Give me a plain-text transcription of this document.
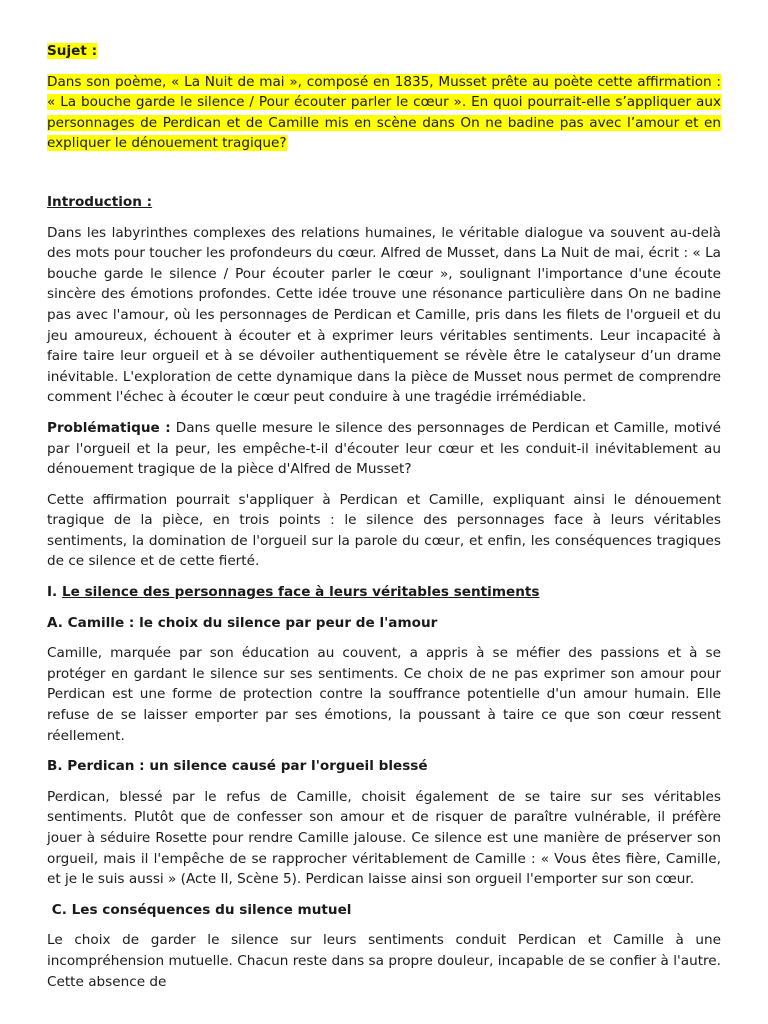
Sujet :

Dans son poème, « La Nuit de mai », composé en 1835, Musset prête au poète cette affirmation : « La bouche garde le silence / Pour écouter parler le cœur ». En quoi pourrait-elle s’appliquer aux personnages de Perdican et de Camille mis en scène dans On ne badine pas avec l’amour et en expliquer le dénouement tragique?

Introduction :

Dans les labyrinthes complexes des relations humaines, le véritable dialogue va souvent au-delà des mots pour toucher les profondeurs du cœur. Alfred de Musset, dans La Nuit de mai, écrit : « La bouche garde le silence / Pour écouter parler le cœur », soulignant l'importance d'une écoute sincère des émotions profondes. Cette idée trouve une résonance particulière dans On ne badine pas avec l'amour, où les personnages de Perdican et Camille, pris dans les filets de l'orgueil et du jeu amoureux, échouent à écouter et à exprimer leurs véritables sentiments. Leur incapacité à faire taire leur orgueil et à se dévoiler authentiquement se révèle être le catalyseur d’un drame inévitable. L'exploration de cette dynamique dans la pièce de Musset nous permet de comprendre comment l'échec à écouter le cœur peut conduire à une tragédie irrémédiable.

Problématique : Dans quelle mesure le silence des personnages de Perdican et Camille, motivé par l'orgueil et la peur, les empêche-t-il d'écouter leur cœur et les conduit-il inévitablement au dénouement tragique de la pièce d'Alfred de Musset?

Cette affirmation pourrait s'appliquer à Perdican et Camille, expliquant ainsi le dénouement tragique de la pièce, en trois points : le silence des personnages face à leurs véritables sentiments, la domination de l'orgueil sur la parole du cœur, et enfin, les conséquences tragiques de ce silence et de cette fierté.

I. Le silence des personnages face à leurs véritables sentiments

A. Camille : le choix du silence par peur de l'amour

Camille, marquée par son éducation au couvent, a appris à se méfier des passions et à se protéger en gardant le silence sur ses sentiments. Ce choix de ne pas exprimer son amour pour Perdican est une forme de protection contre la souffrance potentielle d'un amour humain. Elle refuse de se laisser emporter par ses émotions, la poussant à taire ce que son cœur ressent réellement.

B. Perdican : un silence causé par l'orgueil blessé

Perdican, blessé par le refus de Camille, choisit également de se taire sur ses véritables sentiments. Plutôt que de confesser son amour et de risquer de paraître vulnérable, il préfère jouer à séduire Rosette pour rendre Camille jalouse. Ce silence est une manière de préserver son orgueil, mais il l'empêche de se rapprocher véritablement de Camille : « Vous êtes fière, Camille, et je le suis aussi » (Acte II, Scène 5). Perdican laisse ainsi son orgueil l'emporter sur son cœur.

C. Les conséquences du silence mutuel

Le choix de garder le silence sur leurs sentiments conduit Perdican et Camille à une incompréhension mutuelle. Chacun reste dans sa propre douleur, incapable de se confier à l'autre. Cette absence de
